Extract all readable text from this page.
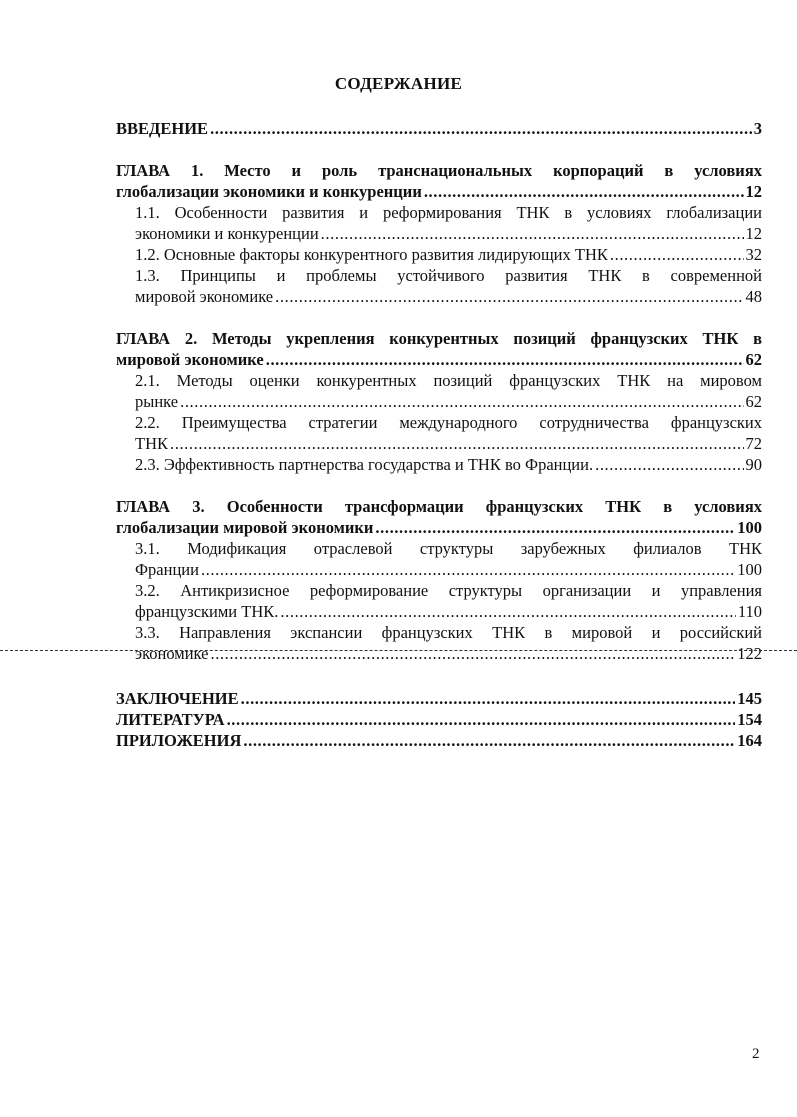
СОДЕРЖАНИЕ
ВВЕДЕНИЕ .....	3
ГЛАВА 1. Место и роль транснациональных корпораций в условиях
глобализации экономики и конкуренции .....	12
1.1. Особенности развития и реформирования ТНК в условиях глобализации
экономики и конкуренции .....	12
1.2. Основные факторы конкурентного развития лидирующих ТНК .....	32
1.3. Принципы и проблемы устойчивого развития ТНК в современной
мировой экономике .....	48
ГЛАВА 2. Методы укрепления конкурентных позиций французских ТНК в
мировой экономике .....	62
2.1. Методы оценки конкурентных позиций французских ТНК на мировом
рынке .....	62
2.2. Преимущества стратегии международного сотрудничества французских
ТНК .....	72
2.3. Эффективность партнерства государства и ТНК во Франции. .....	90
ГЛАВА 3. Особенности трансформации французских ТНК в условиях
глобализации мировой экономики .....	100
3.1. Модификация отраслевой структуры зарубежных филиалов ТНК
Франции .....	100
3.2. Антикризисное реформирование структуры организации и управления
французскими ТНК. .....	110
3.3. Направления экспансии французских ТНК в мировой и российский
экономике .....	122
ЗАКЛЮЧЕНИЕ .....	145
ЛИТЕРАТУРА .....	154
ПРИЛОЖЕНИЯ .....	164
2
